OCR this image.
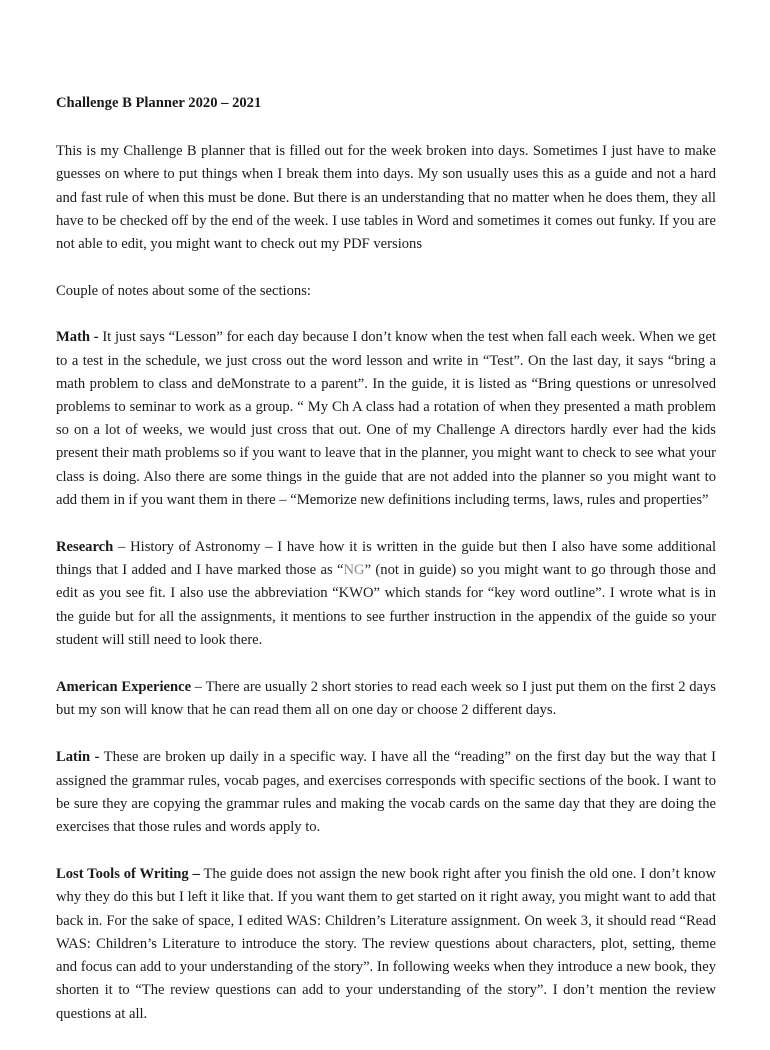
Challenge B Planner 2020 – 2021

This is my Challenge B planner that is filled out for the week broken into days. Sometimes I just have to make guesses on where to put things when I break them into days. My son usually uses this as a guide and not a hard and fast rule of when this must be done. But there is an understanding that no matter when he does them, they all have to be checked off by the end of the week. I use tables in Word and sometimes it comes out funky. If you are not able to edit, you might want to check out my PDF versions

Couple of notes about some of the sections:

Math - It just says “Lesson” for each day because I don’t know when the test when fall each week. When we get to a test in the schedule, we just cross out the word lesson and write in “Test”. On the last day, it says “bring a math problem to class and deMonstrate to a parent”. In the guide, it is listed as “Bring questions or unresolved problems to seminar to work as a group. “ My Ch A class had a rotation of when they presented a math problem so on a lot of weeks, we would just cross that out. One of my Challenge A directors hardly ever had the kids present their math problems so if you want to leave that in the planner, you might want to check to see what your class is doing. Also there are some things in the guide that are not added into the planner so you might want to add them in if you want them in there – “Memorize new definitions including terms, laws, rules and properties”

Research – History of Astronomy – I have how it is written in the guide but then I also have some additional things that I added and I have marked those as “NG” (not in guide) so you might want to go through those and edit as you see fit. I also use the abbreviation “KWO” which stands for “key word outline”. I wrote what is in the guide but for all the assignments, it mentions to see further instruction in the appendix of the guide so your student will still need to look there.

American Experience – There are usually 2 short stories to read each week so I just put them on the first 2 days but my son will know that he can read them all on one day or choose 2 different days.

Latin - These are broken up daily in a specific way. I have all the “reading” on the first day but the way that I assigned the grammar rules, vocab pages, and exercises corresponds with specific sections of the book. I want to be sure they are copying the grammar rules and making the vocab cards on the same day that they are doing the exercises that those rules and words apply to.

Lost Tools of Writing – The guide does not assign the new book right after you finish the old one. I don’t know why they do this but I left it like that. If you want them to get started on it right away, you might want to add that back in. For the sake of space, I edited WAS: Children’s Literature assignment. On week 3, it should read “Read WAS: Children’s Literature to introduce the story. The review questions about characters, plot, setting, theme and focus can add to your understanding of the story”. In following weeks when they introduce a new book, they shorten it to “The review questions can add to your understanding of the story”. I don’t mention the review questions at all.
